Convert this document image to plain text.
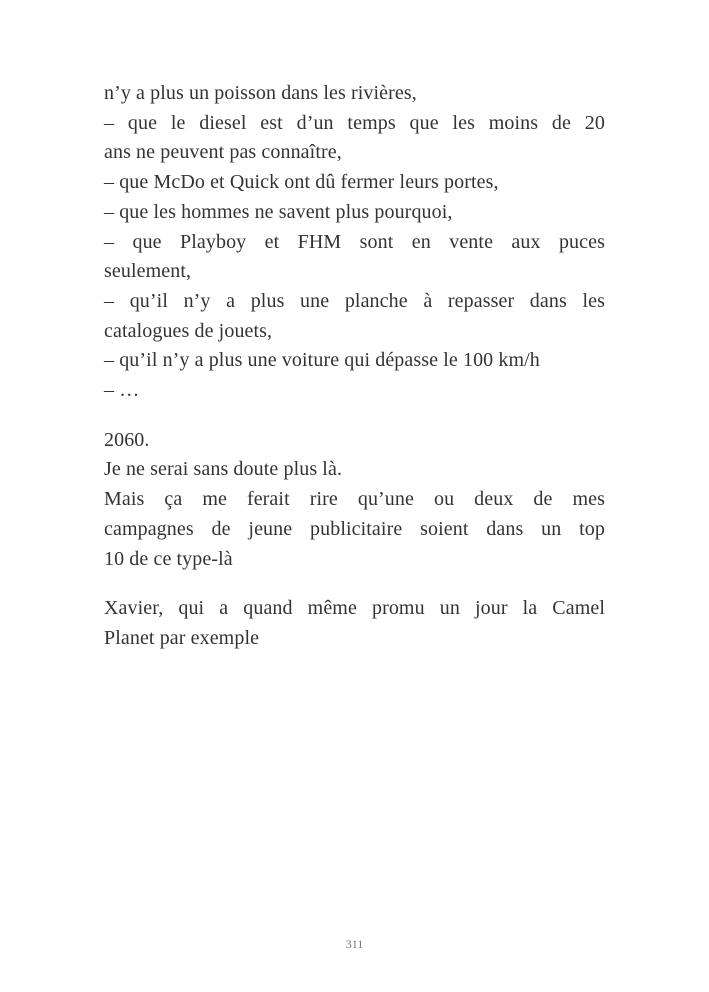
n’y a plus un poisson dans les rivières,
– que le diesel est d’un temps que les moins de 20
ans ne peuvent pas connaître,
– que McDo et Quick ont dû fermer leurs portes,
– que les hommes ne savent plus pourquoi,
– que Playboy et FHM sont en vente aux puces
seulement,
– qu’il n’y a plus une planche à repasser dans les
catalogues de jouets,
– qu’il n’y a plus une voiture qui dépasse le 100 km/h
– …
2060.
Je ne serai sans doute plus là.
Mais ça me ferait rire qu’une ou deux de mes
campagnes de jeune publicitaire soient dans un top
10 de ce type-là
Xavier, qui a quand même promu un jour la Camel
Planet par exemple
311
